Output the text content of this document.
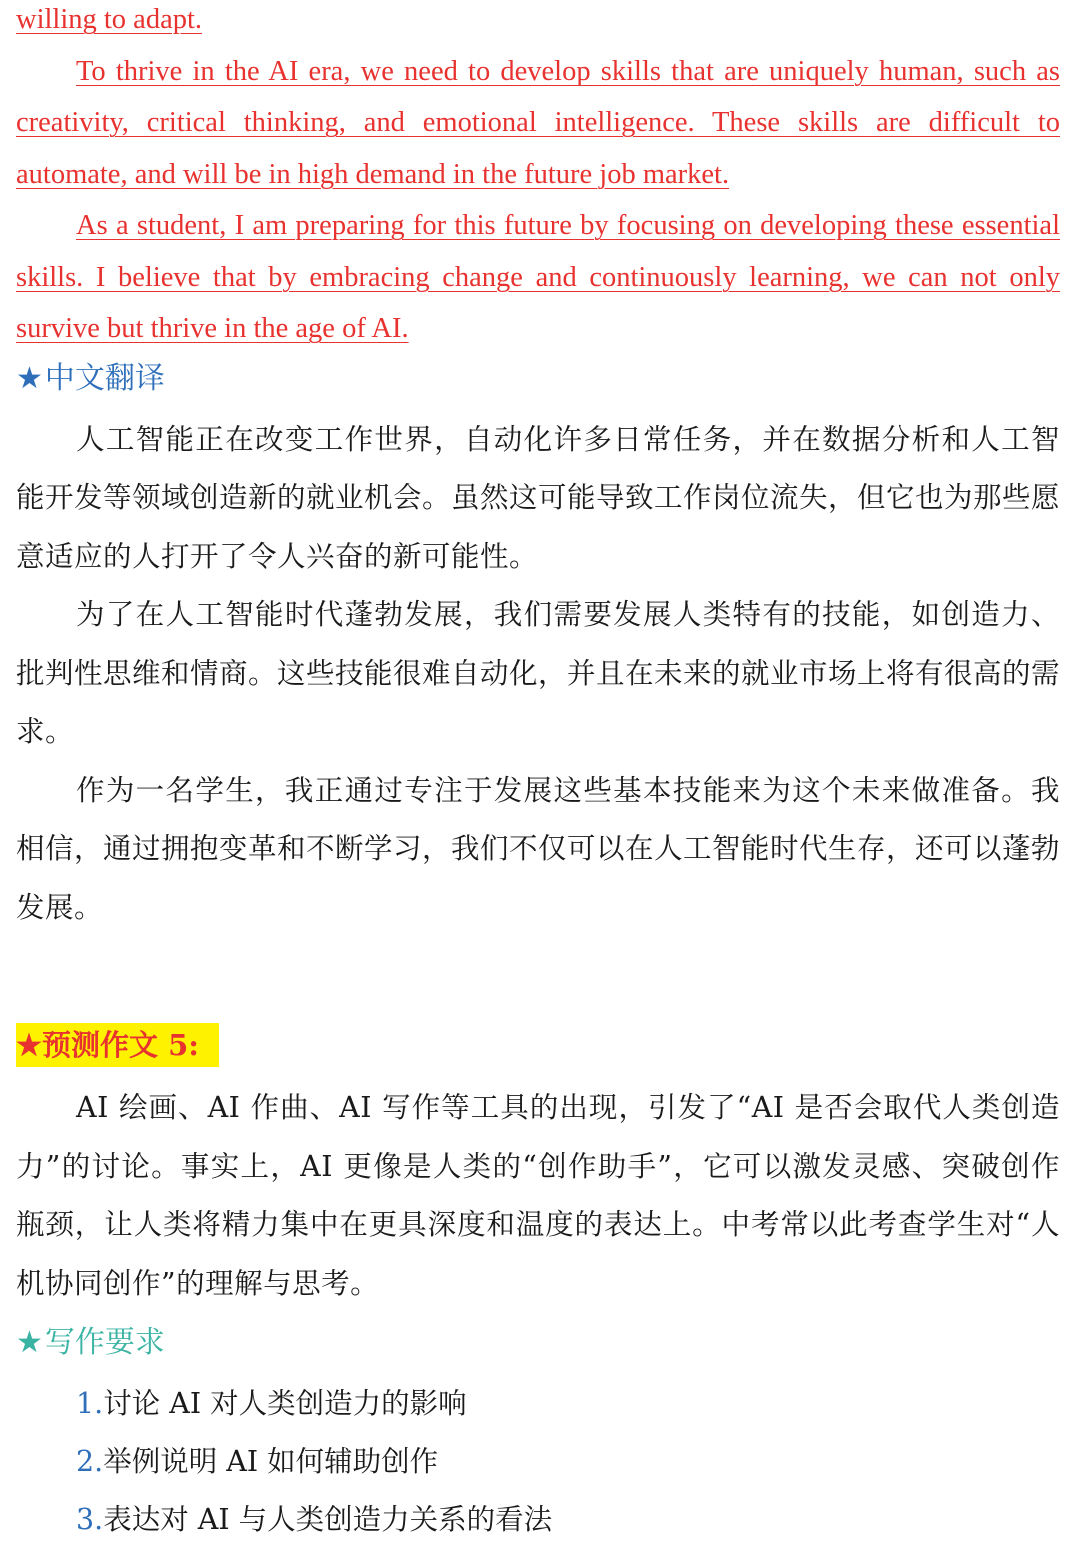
willing to adapt.

To thrive in the AI era, we need to develop skills that are uniquely human, such as creativity, critical thinking, and emotional intelligence. These skills are difficult to automate, and will be in high demand in the future job market.

As a student, I am preparing for this future by focusing on developing these essential skills. I believe that by embracing change and continuously learning, we can not only survive but thrive in the age of AI.

★ 中文翻译

人工智能正在改变工作世界，自动化许多日常任务，并在数据分析和人工智能开发等领域创造新的就业机会。虽然这可能导致工作岗位流失，但它也为那些愿意适应的人打开了令人兴奋的新可能性。

为了在人工智能时代蓬勃发展，我们需要发展人类特有的技能，如创造力、批判性思维和情商。这些技能很难自动化，并且在未来的就业市场上将有很高的需求。

作为一名学生，我正通过专注于发展这些基本技能来为这个未来做准备。我相信，通过拥抱变革和不断学习，我们不仅可以在人工智能时代生存，还可以蓬勃发展。

★ 预测作文 5:

AI 绘画、AI 作曲、AI 写作等工具的出现，引发了“AI 是否会取代人类创造力”的讨论。事实上，AI 更像是人类的“创作助手”，它可以激发灵感、突破创作瓶颈，让人类将精力集中在更具深度和温度的表达上。中考常以此考查学生对“人机协同创作”的理解与思考。

★ 写作要求
1.讨论 AI 对人类创造力的影响
2.举例说明 AI 如何辅助创作
3.表达对 AI 与人类创造力关系的看法
